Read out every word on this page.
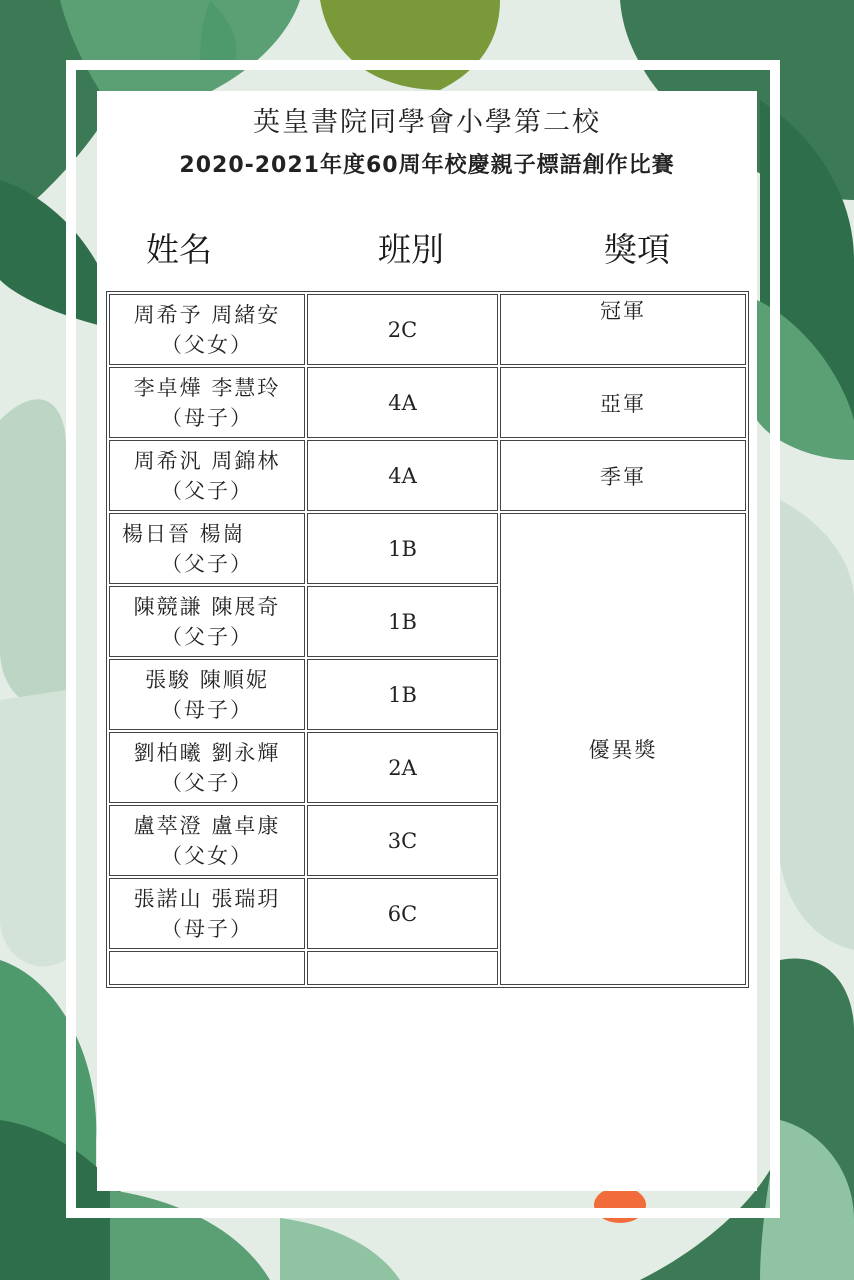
英皇書院同學會小學第二校
2020-2021年度60周年校慶親子標語創作比賽
姓名	班別	獎項
周希予 周緒安
（父女）	2C	冠軍

李卓燁 李慧玲
（母子）	4A	亞軍

周希汎 周錦林
（父子）	4A	季軍

楊日晉 楊崗
（父子）	1B	優異獎

陳競謙 陳展奇
（父子）	1B	

張駿 陳順妮
（母子）	1B	

劉柏曦 劉永輝
（父子）	2A	

盧萃澄 盧卓康
（父女）	3C	

張諾山 張瑞玥
（母子）	6C	
